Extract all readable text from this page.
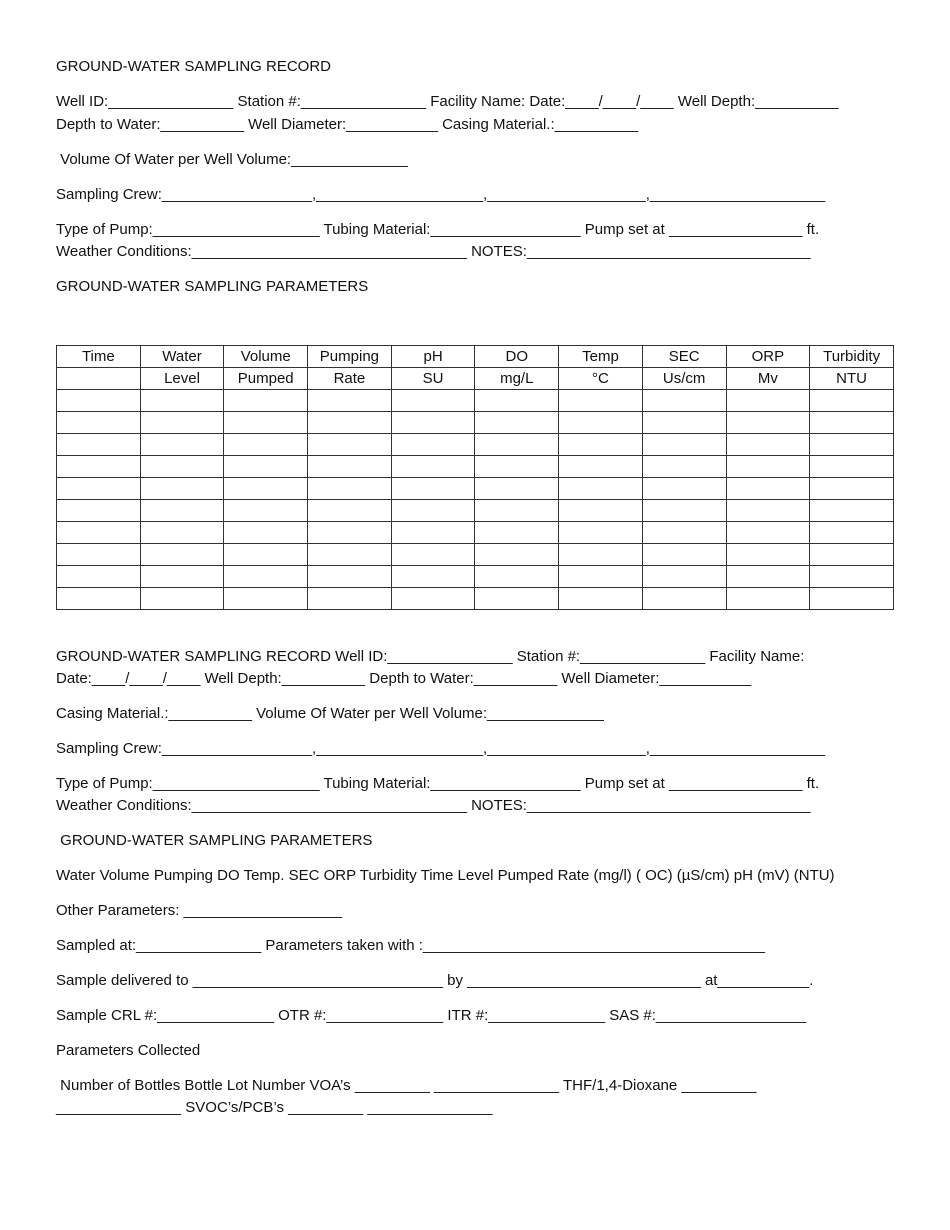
GROUND-WATER SAMPLING RECORD
Well ID:_______________ Station #:_______________ Facility Name: Date:____/____/____ Well Depth:__________
Depth to Water:__________ Well Diameter:___________ Casing Material.:__________
Volume Of Water per Well Volume:______________
Sampling Crew:__________________,____________________,___________________,_____________________
Type of Pump:____________________ Tubing Material:__________________ Pump set at ________________ ft.
Weather Conditions:_________________________________ NOTES:__________________________________
GROUND-WATER SAMPLING PARAMETERS
Time	Water	Volume	Pumping	pH	DO	Temp	SEC	ORP	Turbidity
	Level	Pumped	Rate	SU	mg/L	°C	Us/cm	Mv	NTU

GROUND-WATER SAMPLING RECORD Well ID:_______________ Station #:_______________ Facility Name:
Date:____/____/____ Well Depth:__________ Depth to Water:__________ Well Diameter:___________
Casing Material.:__________ Volume Of Water per Well Volume:______________
Sampling Crew:__________________,____________________,___________________,_____________________
Type of Pump:____________________ Tubing Material:__________________ Pump set at ________________ ft.
Weather Conditions:_________________________________ NOTES:__________________________________
GROUND-WATER SAMPLING PARAMETERS
Water Volume Pumping DO Temp. SEC ORP Turbidity Time Level Pumped Rate (mg/l) ( OC) (µS/cm) pH (mV) (NTU)
Other Parameters: ___________________
Sampled at:_______________ Parameters taken with :_________________________________________
Sample delivered to ______________________________ by ____________________________ at___________.
Sample CRL #:______________ OTR #:______________ ITR #:______________ SAS #:__________________
Parameters Collected
Number of Bottles Bottle Lot Number VOA’s _________ _______________ THF/1,4-Dioxane _________
_______________ SVOC’s/PCB’s _________ _______________
